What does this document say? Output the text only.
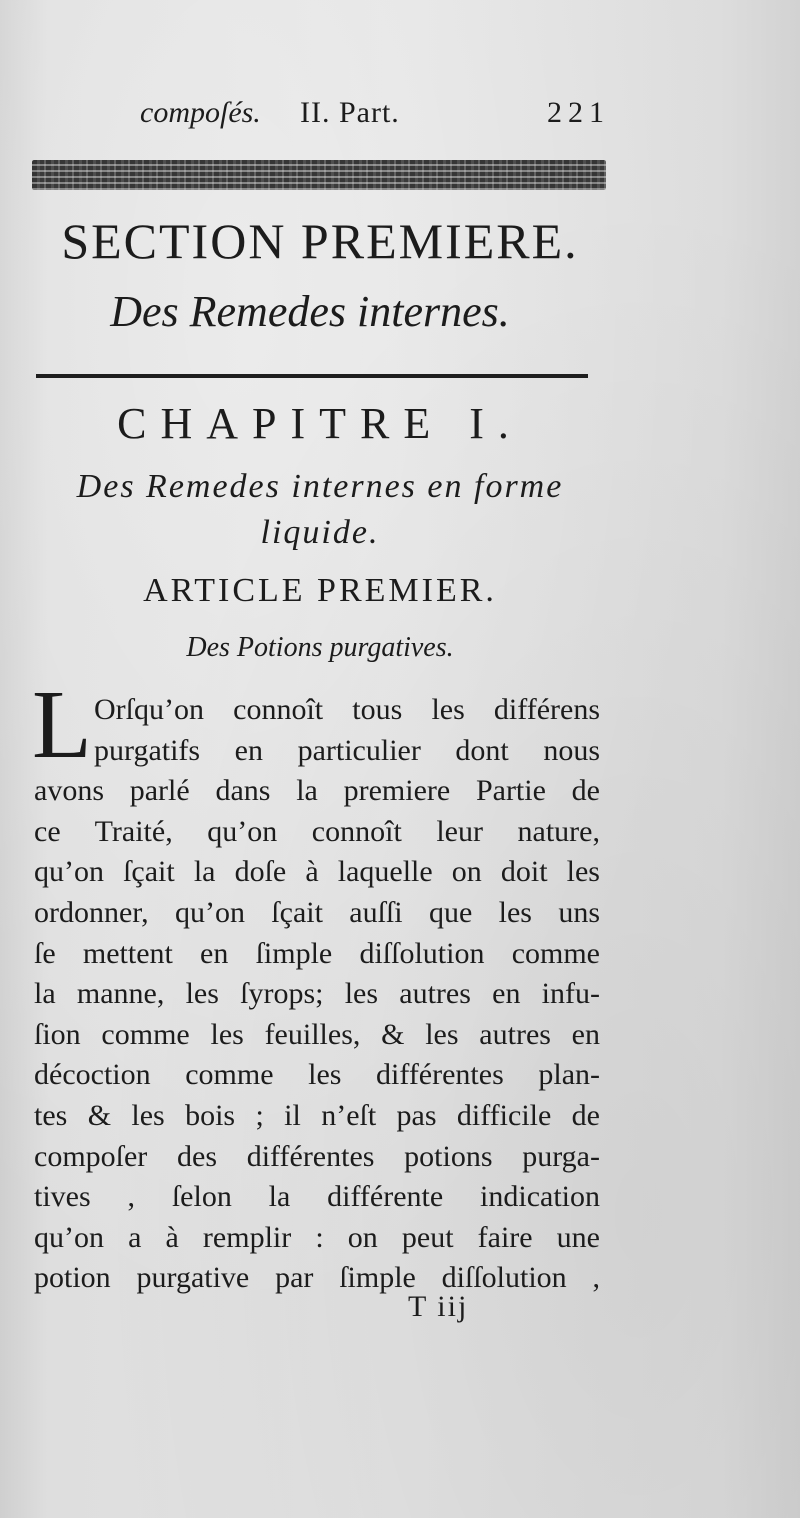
compoſés. II. Part.	221
SECTION PREMIERE.
Des Remedes internes.
CHAPITRE I.
Des Remedes internes en forme
liquide.
ARTICLE PREMIER.
Des Potions purgatives.
L Orſqu’on connoît tous les différens
purgatifs en particulier dont nous
avons parlé dans la premiere Partie de
ce Traité, qu’on connoît leur nature,
qu’on ſçait la doſe à laquelle on doit les
ordonner, qu’on ſçait auſſi que les uns
ſe mettent en ſimple diſſolution comme
la manne, les ſyrops; les autres en infu-
ſion comme les feuilles, & les autres en
décoction comme les différentes plan-
tes & les bois ; il n’eſt pas difficile de
compoſer des différentes potions purga-
tives , ſelon la différente indication
qu’on a à remplir : on peut faire une
potion purgative par ſimple diſſolution ,
T iij
